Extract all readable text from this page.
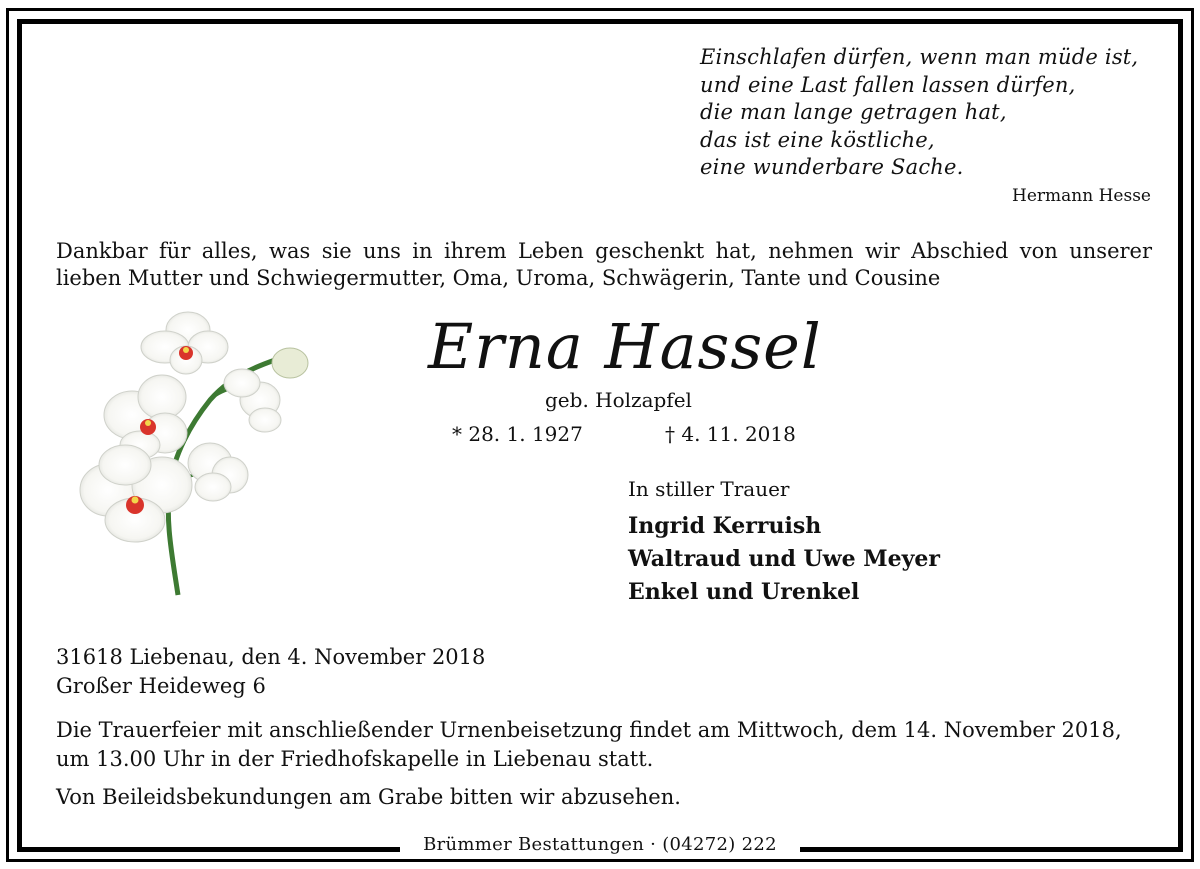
Einschlafen dürfen, wenn man müde ist,
und eine Last fallen lassen dürfen,
die man lange getragen hat,
das ist eine köstliche,
eine wunderbare Sache.
Hermann Hesse
Dankbar für alles, was sie uns in ihrem Leben geschenkt hat, nehmen wir Abschied von unserer lieben Mutter und Schwiegermutter, Oma, Uroma, Schwägerin, Tante und Cousine
Erna Hassel
geb. Holzapfel
* 28. 1. 1927	† 4. 11. 2018
In stiller Trauer
Ingrid Kerruish
Waltraud und Uwe Meyer
Enkel und Urenkel
31618 Liebenau, den 4. November 2018
Großer Heideweg 6
Die Trauerfeier mit anschließender Urnenbeisetzung findet am Mittwoch, dem 14. November 2018, um 13.00 Uhr in der Friedhofskapelle in Liebenau statt.
Von Beileidsbekundungen am Grabe bitten wir abzusehen.
Brümmer Bestattungen · (04272) 222
